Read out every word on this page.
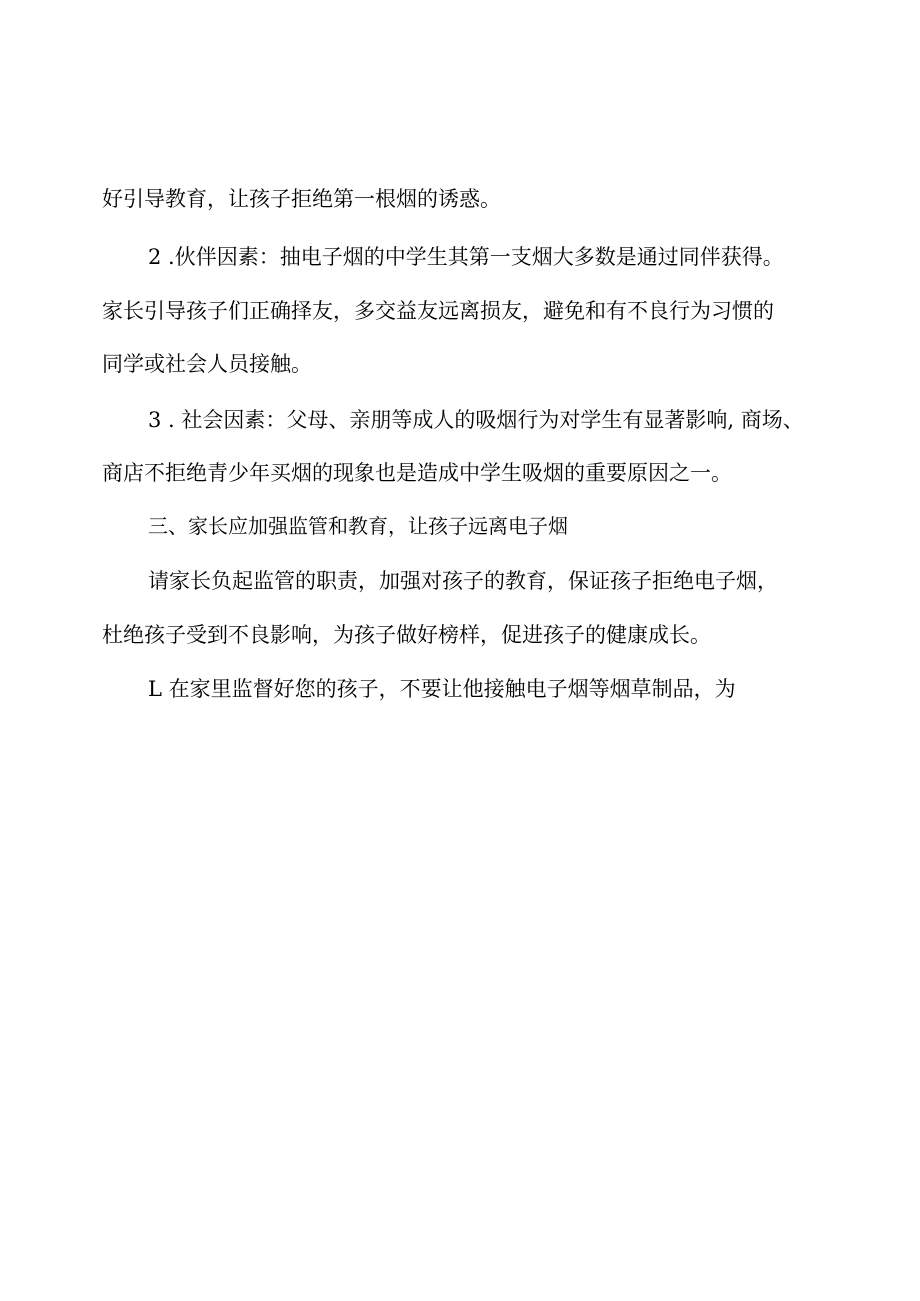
好引导教育，让孩子拒绝第一根烟的诱惑。
2 .伙伴因素：抽电子烟的中学生其第一支烟大多数是通过同伴获得。
家长引导孩子们正确择友，多交益友远离损友，避免和有不良行为习惯的
同学或社会人员接触。
3 . 社会因素：父母、亲朋等成人的吸烟行为对学生有显著影响, 商场、
商店不拒绝青少年买烟的现象也是造成中学生吸烟的重要原因之一。
三、家长应加强监管和教育，让孩子远离电子烟
请家长负起监管的职责，加强对孩子的教育，保证孩子拒绝电子烟，
杜绝孩子受到不良影响，为孩子做好榜样，促进孩子的健康成长。
L 在家里监督好您的孩子，不要让他接触电子烟等烟草制品，为
